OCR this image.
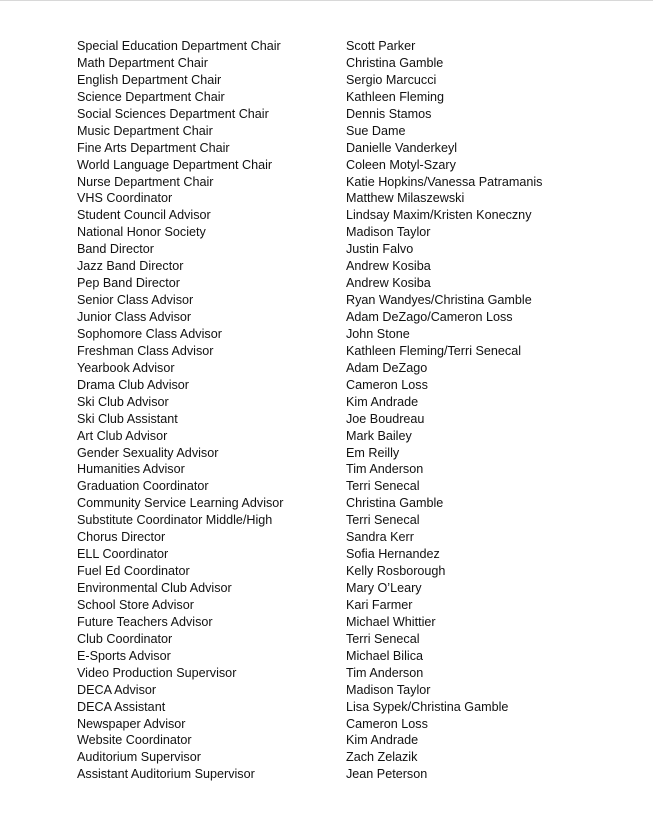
Special Education Department Chair	Scott Parker
Math Department Chair	Christina Gamble
English Department Chair	Sergio Marcucci
Science Department Chair	Kathleen Fleming
Social Sciences Department Chair	Dennis Stamos
Music Department Chair	Sue Dame
Fine Arts Department Chair	Danielle Vanderkeyl
World Language Department Chair	Coleen Motyl-Szary
Nurse Department Chair	Katie Hopkins/Vanessa Patramanis
VHS Coordinator	Matthew Milaszewski
Student Council Advisor	Lindsay Maxim/Kristen Koneczny
National Honor Society	Madison Taylor
Band Director	Justin Falvo
Jazz Band Director	Andrew Kosiba
Pep Band Director	Andrew Kosiba
Senior Class Advisor	Ryan Wandyes/Christina Gamble
Junior Class Advisor	Adam DeZago/Cameron Loss
Sophomore Class Advisor	John Stone
Freshman Class Advisor	Kathleen Fleming/Terri Senecal
Yearbook Advisor	Adam DeZago
Drama Club Advisor	Cameron Loss
Ski Club Advisor	Kim Andrade
Ski Club Assistant	Joe Boudreau
Art Club Advisor	Mark Bailey
Gender Sexuality Advisor	Em Reilly
Humanities Advisor	Tim Anderson
Graduation Coordinator	Terri Senecal
Community Service Learning Advisor	Christina Gamble
Substitute Coordinator Middle/High	Terri Senecal
Chorus Director	Sandra Kerr
ELL Coordinator	Sofia Hernandez
Fuel Ed Coordinator	Kelly Rosborough
Environmental Club Advisor	Mary O’Leary
School Store Advisor	Kari Farmer
Future Teachers Advisor	Michael Whittier
Club Coordinator	Terri Senecal
E-Sports Advisor	Michael Bilica
Video Production Supervisor	Tim Anderson
DECA Advisor	Madison Taylor
DECA Assistant	Lisa Sypek/Christina Gamble
Newspaper Advisor	Cameron Loss
Website Coordinator	Kim Andrade
Auditorium Supervisor	Zach Zelazik
Assistant Auditorium Supervisor	Jean Peterson
